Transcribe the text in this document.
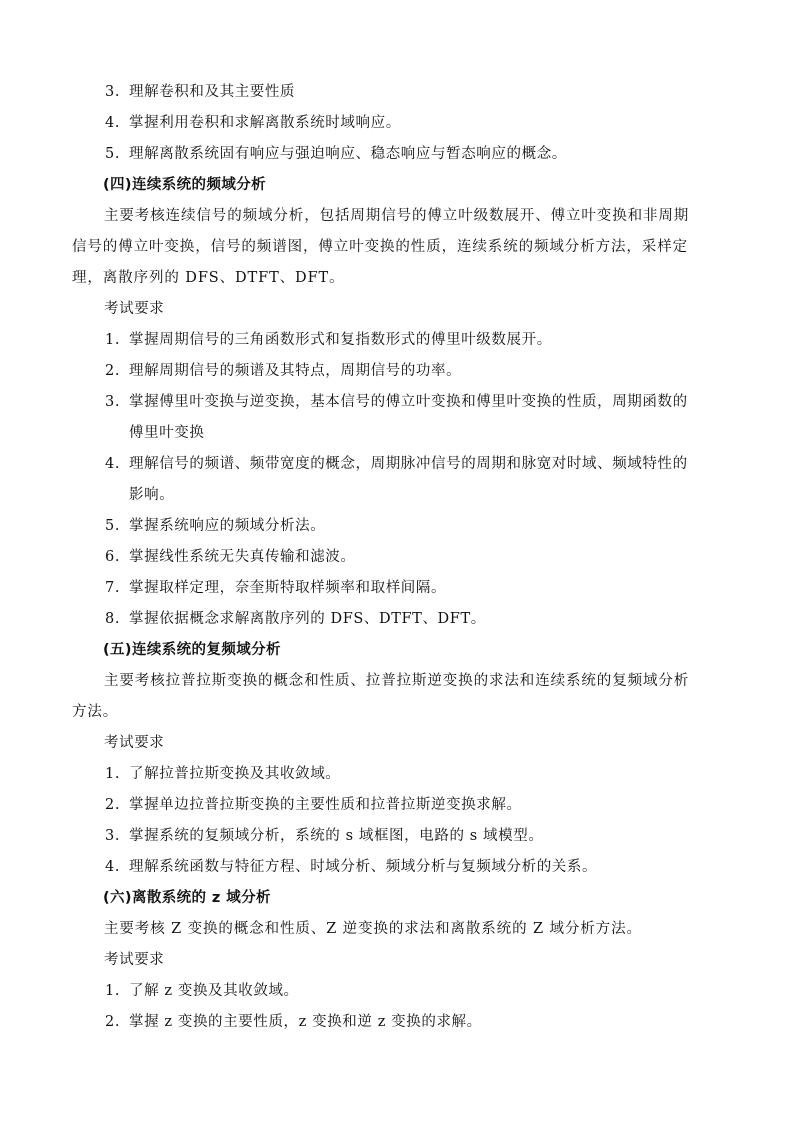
3. 理解卷积和及其主要性质
4. 掌握利用卷积和求解离散系统时域响应。
5. 理解离散系统固有响应与强迫响应、稳态响应与暂态响应的概念。
(四)连续系统的频域分析
主要考核连续信号的频域分析，包括周期信号的傅立叶级数展开、傅立叶变换和非周期
信号的傅立叶变换，信号的频谱图，傅立叶变换的性质，连续系统的频域分析方法，采样定
理，离散序列的 DFS、DTFT、DFT。
考试要求
1. 掌握周期信号的三角函数形式和复指数形式的傅里叶级数展开。
2. 理解周期信号的频谱及其特点，周期信号的功率。
3. 掌握傅里叶变换与逆变换，基本信号的傅立叶变换和傅里叶变换的性质，周期函数的
傅里叶变换
4. 理解信号的频谱、频带宽度的概念，周期脉冲信号的周期和脉宽对时域、频域特性的
影响。
5. 掌握系统响应的频域分析法。
6. 掌握线性系统无失真传输和滤波。
7. 掌握取样定理，奈奎斯特取样频率和取样间隔。
8. 掌握依据概念求解离散序列的 DFS、DTFT、DFT。
(五)连续系统的复频域分析
主要考核拉普拉斯变换的概念和性质、拉普拉斯逆变换的求法和连续系统的复频域分析
方法。
考试要求
1. 了解拉普拉斯变换及其收敛域。
2. 掌握单边拉普拉斯变换的主要性质和拉普拉斯逆变换求解。
3. 掌握系统的复频域分析，系统的 s 域框图，电路的 s 域模型。
4. 理解系统函数与特征方程、时域分析、频域分析与复频域分析的关系。
(六)离散系统的 z 域分析
主要考核 Z 变换的概念和性质、Z 逆变换的求法和离散系统的 Z 域分析方法。
考试要求
1. 了解 z 变换及其收敛域。
2. 掌握 z 变换的主要性质，z 变换和逆 z 变换的求解。
